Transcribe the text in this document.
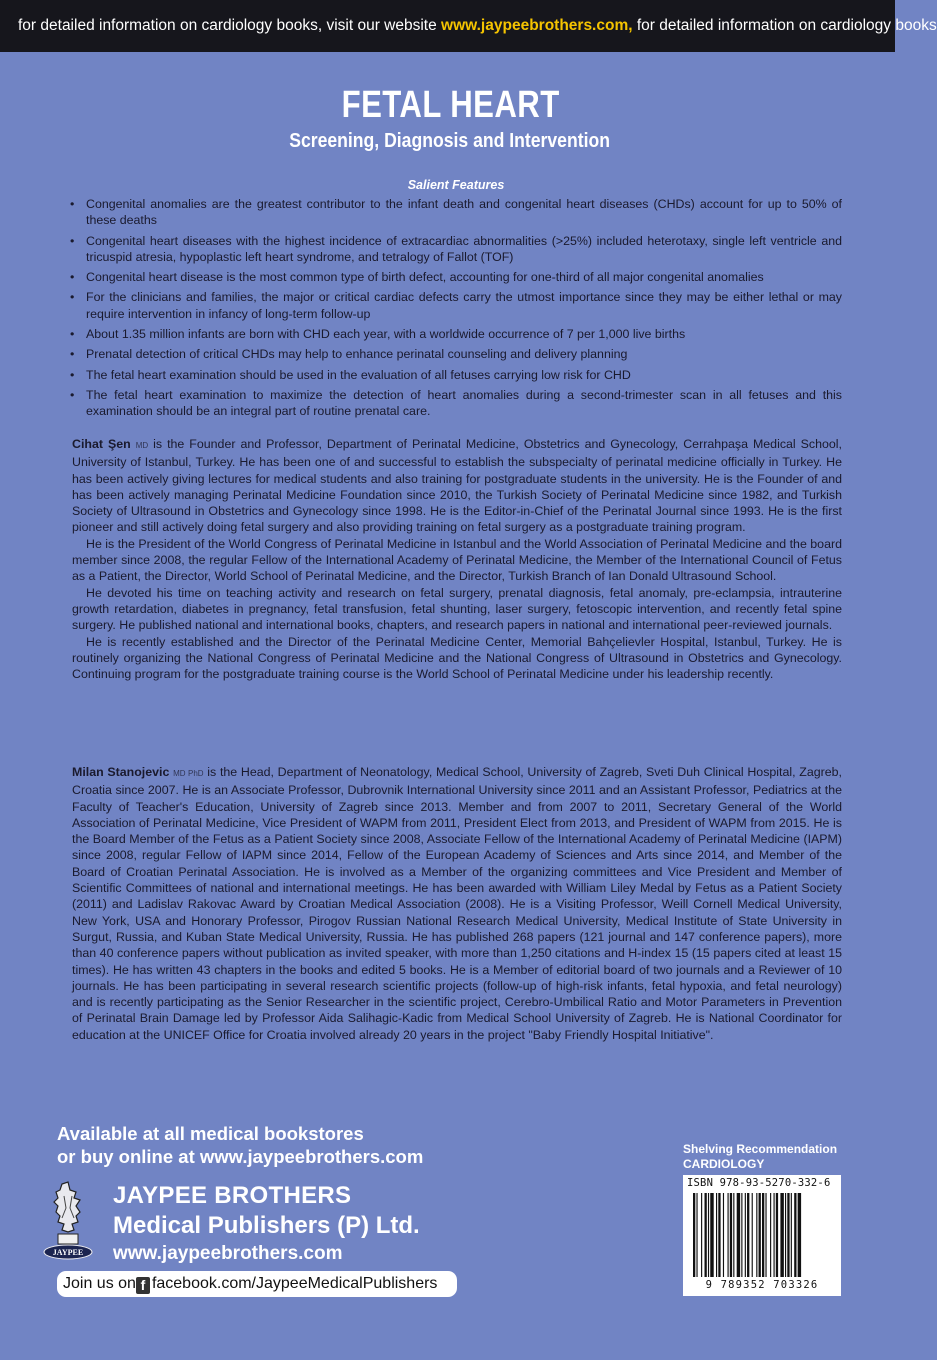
for detailed information on cardiology books, visit our website www.jaypeebrothers.com, for detailed information on cardiology books
FETAL HEART
Screening, Diagnosis and Intervention
Salient Features
• Congenital anomalies are the greatest contributor to the infant death and congenital heart diseases (CHDs) account for up to 50% of these deaths
• Congenital heart diseases with the highest incidence of extracardiac abnormalities (>25%) included heterotaxy, single left ventricle and tricuspid atresia, hypoplastic left heart syndrome, and tetralogy of Fallot (TOF)
• Congenital heart disease is the most common type of birth defect, accounting for one-third of all major congenital anomalies
• For the clinicians and families, the major or critical cardiac defects carry the utmost importance since they may be either lethal or may require intervention in infancy of long-term follow-up
• About 1.35 million infants are born with CHD each year, with a worldwide occurrence of 7 per 1,000 live births
• Prenatal detection of critical CHDs may help to enhance perinatal counseling and delivery planning
• The fetal heart examination should be used in the evaluation of all fetuses carrying low risk for CHD
• The fetal heart examination to maximize the detection of heart anomalies during a second-trimester scan in all fetuses and this examination should be an integral part of routine prenatal care.

Cihat Şen MD is the Founder and Professor, Department of Perinatal Medicine, Obstetrics and Gynecology, Cerrahpaşa Medical School, University of Istanbul, Turkey. He has been one of and successful to establish the subspecialty of perinatal medicine officially in Turkey. He has been actively giving lectures for medical students and also training for postgraduate students in the university. He is the Founder of and has been actively managing Perinatal Medicine Foundation since 2010, the Turkish Society of Perinatal Medicine since 1982, and Turkish Society of Ultrasound in Obstetrics and Gynecology since 1998. He is the Editor-in-Chief of the Perinatal Journal since 1993. He is the first pioneer and still actively doing fetal surgery and also providing training on fetal surgery as a postgraduate training program.

He is the President of the World Congress of Perinatal Medicine in Istanbul and the World Association of Perinatal Medicine and the board member since 2008, the regular Fellow of the International Academy of Perinatal Medicine, the Member of the International Council of Fetus as a Patient, the Director, World School of Perinatal Medicine, and the Director, Turkish Branch of Ian Donald Ultrasound School.

He devoted his time on teaching activity and research on fetal surgery, prenatal diagnosis, fetal anomaly, pre-eclampsia, intrauterine growth retardation, diabetes in pregnancy, fetal transfusion, fetal shunting, laser surgery, fetoscopic intervention, and recently fetal spine surgery. He published national and international books, chapters, and research papers in national and international peer-reviewed journals.

He is recently established and the Director of the Perinatal Medicine Center, Memorial Bahçelievler Hospital, Istanbul, Turkey. He is routinely organizing the National Congress of Perinatal Medicine and the National Congress of Ultrasound in Obstetrics and Gynecology. Continuing program for the postgraduate training course is the World School of Perinatal Medicine under his leadership recently.

Milan Stanojevic MD PhD is the Head, Department of Neonatology, Medical School, University of Zagreb, Sveti Duh Clinical Hospital, Zagreb, Croatia since 2007. He is an Associate Professor, Dubrovnik International University since 2011 and an Assistant Professor, Pediatrics at the Faculty of Teacher's Education, University of Zagreb since 2013. Member and from 2007 to 2011, Secretary General of the World Association of Perinatal Medicine, Vice President of WAPM from 2011, President Elect from 2013, and President of WAPM from 2015. He is the Board Member of the Fetus as a Patient Society since 2008, Associate Fellow of the International Academy of Perinatal Medicine (IAPM) since 2008, regular Fellow of IAPM since 2014, Fellow of the European Academy of Sciences and Arts since 2014, and Member of the Board of Croatian Perinatal Association. He is involved as a Member of the organizing committees and Vice President and Member of Scientific Committees of national and international meetings. He has been awarded with William Liley Medal by Fetus as a Patient Society (2011) and Ladislav Rakovac Award by Croatian Medical Association (2008). He is a Visiting Professor, Weill Cornell Medical University, New York, USA and Honorary Professor, Pirogov Russian National Research Medical University, Medical Institute of State University in Surgut, Russia, and Kuban State Medical University, Russia. He has published 268 papers (121 journal and 147 conference papers), more than 40 conference papers without publication as invited speaker, with more than 1,250 citations and H-index 15 (15 papers cited at least 15 times). He has written 43 chapters in the books and edited 5 books. He is a Member of editorial board of two journals and a Reviewer of 10 journals. He has been participating in several research scientific projects (follow-up of high-risk infants, fetal hypoxia, and fetal neurology) and is recently participating as the Senior Researcher in the scientific project, Cerebro-Umbilical Ratio and Motor Parameters in Prevention of Perinatal Brain Damage led by Professor Aida Salihagic-Kadic from Medical School University of Zagreb. He is National Coordinator for education at the UNICEF Office for Croatia involved already 20 years in the project "Baby Friendly Hospital Initiative".

Available at all medical bookstores
or buy online at www.jaypeebrothers.com
JAYPEE
JAYPEE BROTHERS
Medical Publishers (P) Ltd.
www.jaypeebrothers.com
Join us on f facebook.com/JaypeeMedicalPublishers
Shelving Recommendation
CARDIOLOGY
ISBN 978-93-5270-332-6
9 789352 703326
